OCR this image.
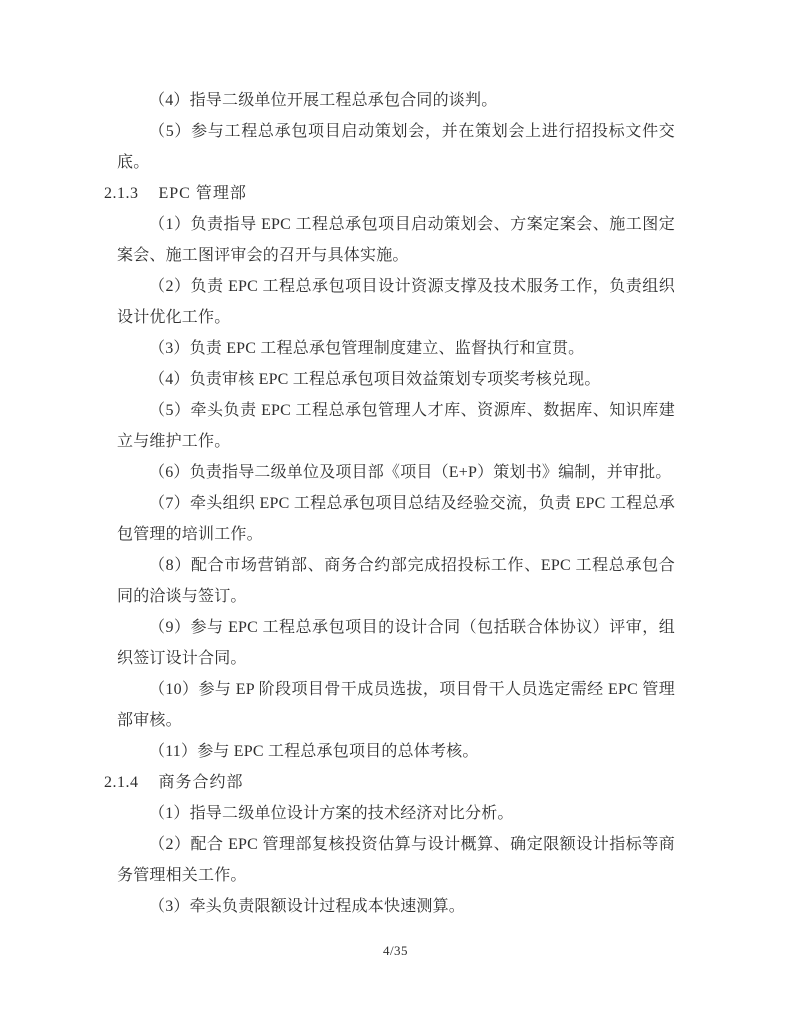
（4）指导二级单位开展工程总承包合同的谈判。

（5）参与工程总承包项目启动策划会，并在策划会上进行招投标文件交底。

2.1.3 EPC 管理部

（1）负责指导 EPC 工程总承包项目启动策划会、方案定案会、施工图定案会、施工图评审会的召开与具体实施。

（2）负责 EPC 工程总承包项目设计资源支撑及技术服务工作，负责组织设计优化工作。

（3）负责 EPC 工程总承包管理制度建立、监督执行和宣贯。

（4）负责审核 EPC 工程总承包项目效益策划专项奖考核兑现。

（5）牵头负责 EPC 工程总承包管理人才库、资源库、数据库、知识库建立与维护工作。

（6）负责指导二级单位及项目部《项目（E+P）策划书》编制，并审批。

（7）牵头组织 EPC 工程总承包项目总结及经验交流，负责 EPC 工程总承包管理的培训工作。

（8）配合市场营销部、商务合约部完成招投标工作、EPC 工程总承包合同的洽谈与签订。

（9）参与 EPC 工程总承包项目的设计合同（包括联合体协议）评审，组织签订设计合同。

（10）参与 EP 阶段项目骨干成员选拔，项目骨干人员选定需经 EPC 管理部审核。

（11）参与 EPC 工程总承包项目的总体考核。

2.1.4 商务合约部

（1）指导二级单位设计方案的技术经济对比分析。

（2）配合 EPC 管理部复核投资估算与设计概算、确定限额设计指标等商务管理相关工作。

（3）牵头负责限额设计过程成本快速测算。

4/35
